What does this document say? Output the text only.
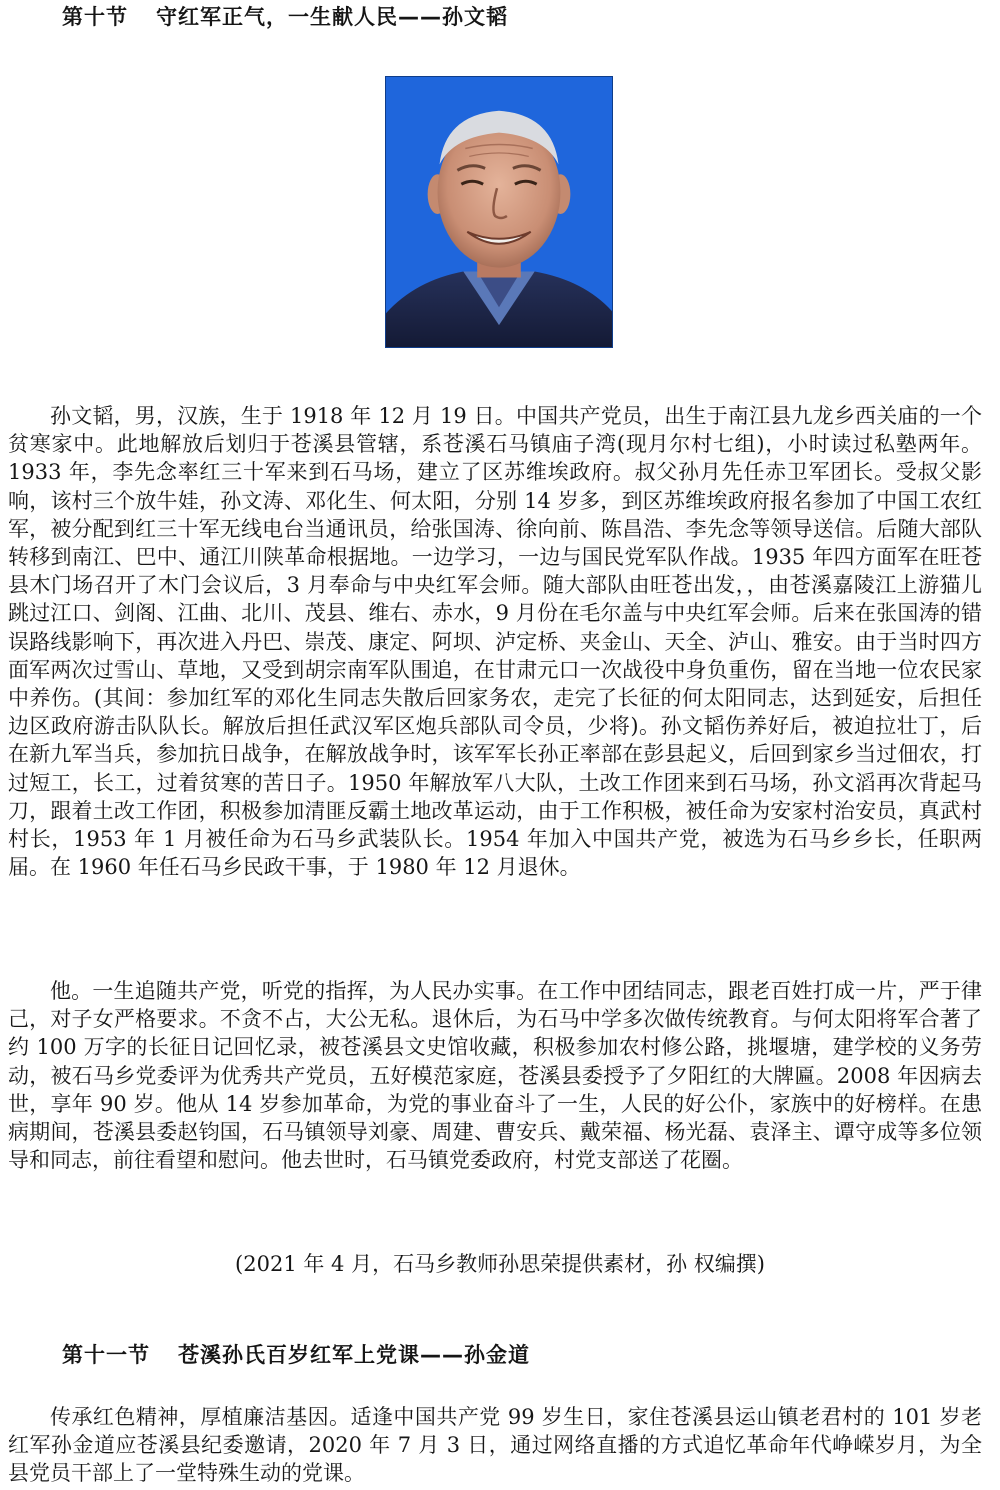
第十节 守红军正气，一生献人民——孙文韬

孙文韬，男，汉族，生于 1918 年 12 月 19 日。中国共产党员，出生于南江县九龙乡西关庙的一个贫寒家中。此地解放后划归于苍溪县管辖，系苍溪石马镇庙子湾(现月尔村七组)，小时读过私塾两年。1933 年，李先念率红三十军来到石马场，建立了区苏维埃政府。叔父孙月先任赤卫军团长。受叔父影响，该村三个放牛娃，孙文涛、邓化生、何太阳，分别 14 岁多，到区苏维埃政府报名参加了中国工农红军，被分配到红三十军无线电台当通讯员，给张国涛、徐向前、陈昌浩、李先念等领导送信。后随大部队转移到南江、巴中、通江川陕革命根据地。一边学习，一边与国民党军队作战。1935 年四方面军在旺苍县木门场召开了木门会议后，3 月奉命与中央红军会师。随大部队由旺苍出发，，由苍溪嘉陵江上游猫儿跳过江口、剑阁、江曲、北川、茂县、维右、赤水，9 月份在毛尔盖与中央红军会师。后来在张国涛的错误路线影响下，再次进入丹巴、崇茂、康定、阿坝、泸定桥、夹金山、天全、泸山、雅安。由于当时四方面军两次过雪山、草地，又受到胡宗南军队围追，在甘肃元口一次战役中身负重伤，留在当地一位农民家中养伤。(其间：参加红军的邓化生同志失散后回家务农，走完了长征的何太阳同志，达到延安，后担任边区政府游击队队长。解放后担任武汉军区炮兵部队司令员，少将)。孙文韬伤养好后，被迫拉壮丁，后在新九军当兵，参加抗日战争，在解放战争时，该军军长孙正率部在彭县起义，后回到家乡当过佃农，打过短工，长工，过着贫寒的苦日子。1950 年解放军八大队，土改工作团来到石马场，孙文滔再次背起马刀，跟着土改工作团，积极参加清匪反霸土地改革运动，由于工作积极，被任命为安家村治安员，真武村村长，1953 年 1 月被任命为石马乡武装队长。1954 年加入中国共产党，被选为石马乡乡长，任职两届。在 1960 年任石马乡民政干事，于 1980 年 12 月退休。

他。一生追随共产党，听党的指挥，为人民办实事。在工作中团结同志，跟老百姓打成一片，严于律己，对子女严格要求。不贪不占，大公无私。退休后，为石马中学多次做传统教育。与何太阳将军合著了约 100 万字的长征日记回忆录，被苍溪县文史馆收藏，积极参加农村修公路，挑堰塘，建学校的义务劳动，被石马乡党委评为优秀共产党员，五好模范家庭，苍溪县委授予了夕阳红的大牌匾。2008 年因病去世，享年 90 岁。他从 14 岁参加革命，为党的事业奋斗了一生，人民的好公仆，家族中的好榜样。在患病期间，苍溪县委赵钧国，石马镇领导刘豪、周建、曹安兵、戴荣福、杨光磊、袁泽主、谭守成等多位领导和同志，前往看望和慰问。他去世时，石马镇党委政府，村党支部送了花圈。

(2021 年 4 月，石马乡教师孙思荣提供素材，孙 权编撰)

第十一节 苍溪孙氏百岁红军上党课——孙金道

传承红色精神，厚植廉洁基因。适逢中国共产党 99 岁生日，家住苍溪县运山镇老君村的 101 岁老红军孙金道应苍溪县纪委邀请，2020 年 7 月 3 日，通过网络直播的方式追忆革命年代峥嵘岁月，为全县党员干部上了一堂特殊生动的党课。
